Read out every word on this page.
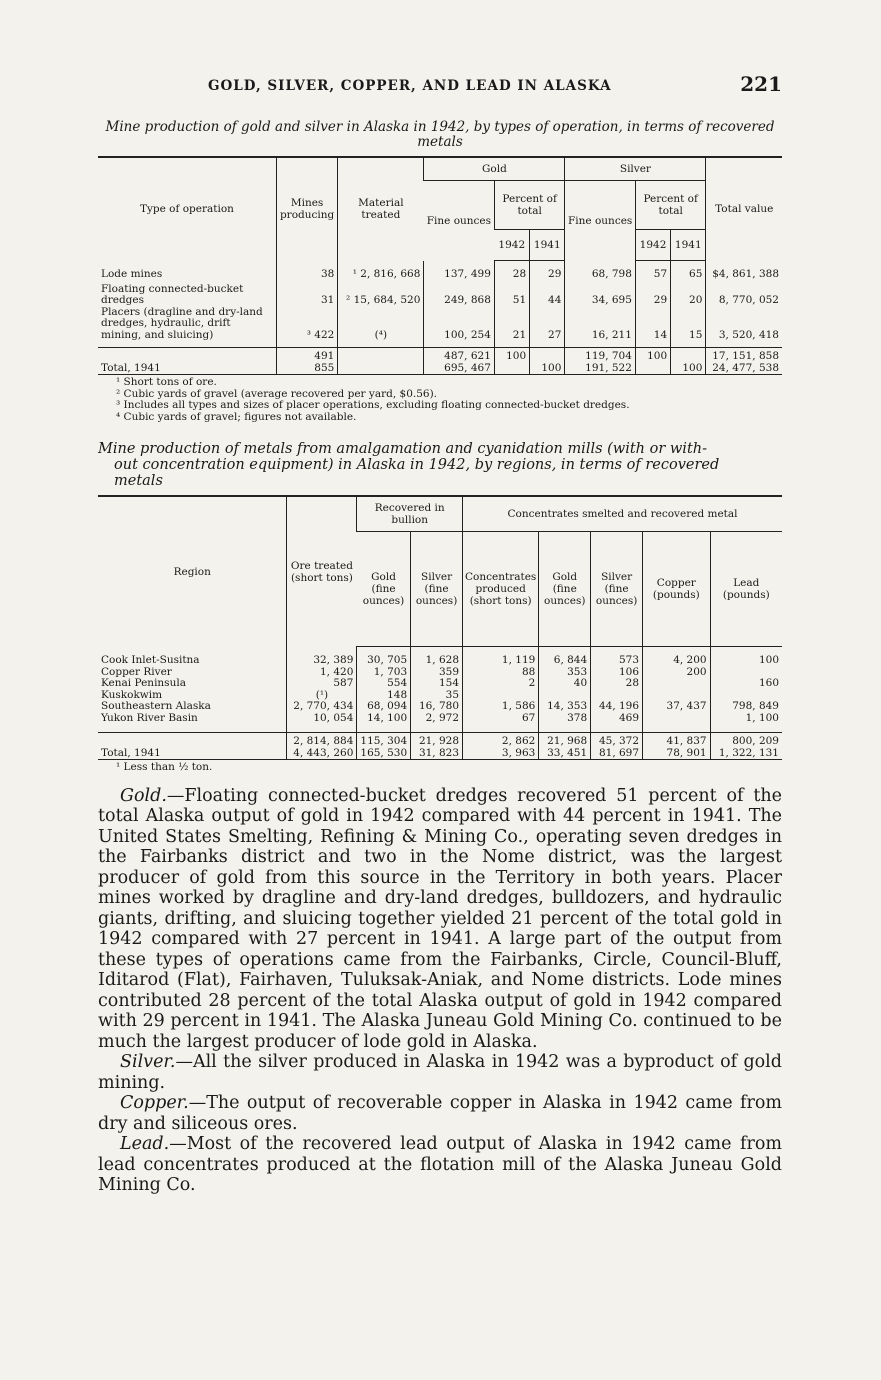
GOLD, SILVER, COPPER, AND LEAD IN ALASKA	221
Mine production of gold and silver in Alaska in 1942, by types of operation, in terms of recovered metals
Type of operation	Mines producing	Material treated	Gold			Silver			Total value
			Fine ounces	Percent of total		Fine ounces	Percent of total		
				1942	1941		1942	1941	
Lode mines	38	¹ 2, 816, 668	137, 499	28	29	68, 798	57	65	$4, 861, 388
Floating connected-bucket dredges	31	² 15, 684, 520	249, 868	51	44	34, 695	29	20	8, 770, 052
Placers (dragline and dry-land dredges, hydraulic, drift mining, and sluicing)	³ 422	(⁴)	100, 254	21	27	16, 211	14	15	3, 520, 418
	491		487, 621	100		119, 704	100		17, 151, 858
Total, 1941	855		695, 467		100	191, 522		100	24, 477, 538
¹ Short tons of ore.
² Cubic yards of gravel (average recovered per yard, $0.56).
³ Includes all types and sizes of placer operations, excluding floating connected-bucket dredges.
⁴ Cubic yards of gravel; figures not available.
Mine production of metals from amalgamation and cyanidation mills (with or with-
out concentration equipment) in Alaska in 1942, by regions, in terms of recovered
metals
Region	Ore treated (short tons)	Recovered in bullion		Concentrates smelted and recovered metal				
		Gold (fine ounces)	Silver (fine ounces)	Concentrates produced (short tons)	Gold (fine ounces)	Silver (fine ounces)	Copper (pounds)	Lead (pounds)
Cook Inlet-Susitna	32, 389	30, 705	1, 628	1, 119	6, 844	573	4, 200	100
Copper River	1, 420	1, 703	359	88	353	106	200	
Kenai Peninsula	587	554	154	2	40	28		160
Kuskokwim	(¹)	148	35					
Southeastern Alaska	2, 770, 434	68, 094	16, 780	1, 586	14, 353	44, 196	37, 437	798, 849
Yukon River Basin	10, 054	14, 100	2, 972	67	378	469		1, 100
	2, 814, 884	115, 304	21, 928	2, 862	21, 968	45, 372	41, 837	800, 209
Total, 1941	4, 443, 260	165, 530	31, 823	3, 963	33, 451	81, 697	78, 901	1, 322, 131
¹ Less than ½ ton.

Gold.—Floating connected-bucket dredges recovered 51 percent of the total Alaska output of gold in 1942 compared with 44 percent in 1941. The United States Smelting, Refining & Mining Co., operating seven dredges in the Fairbanks district and two in the Nome district, was the largest producer of gold from this source in the Territory in both years. Placer mines worked by dragline and dry-land dredges, bulldozers, and hydraulic giants, drifting, and sluicing together yielded 21 percent of the total gold in 1942 compared with 27 percent in 1941. A large part of the output from these types of operations came from the Fairbanks, Circle, Council-Bluff, Iditarod (Flat), Fairhaven, Tuluksak-Aniak, and Nome districts. Lode mines contributed 28 percent of the total Alaska output of gold in 1942 compared with 29 percent in 1941. The Alaska Juneau Gold Mining Co. continued to be much the largest producer of lode gold in Alaska.

Silver.—All the silver produced in Alaska in 1942 was a byproduct of gold mining.

Copper.—The output of recoverable copper in Alaska in 1942 came from dry and siliceous ores.

Lead.—Most of the recovered lead output of Alaska in 1942 came from lead concentrates produced at the flotation mill of the Alaska Juneau Gold Mining Co.
